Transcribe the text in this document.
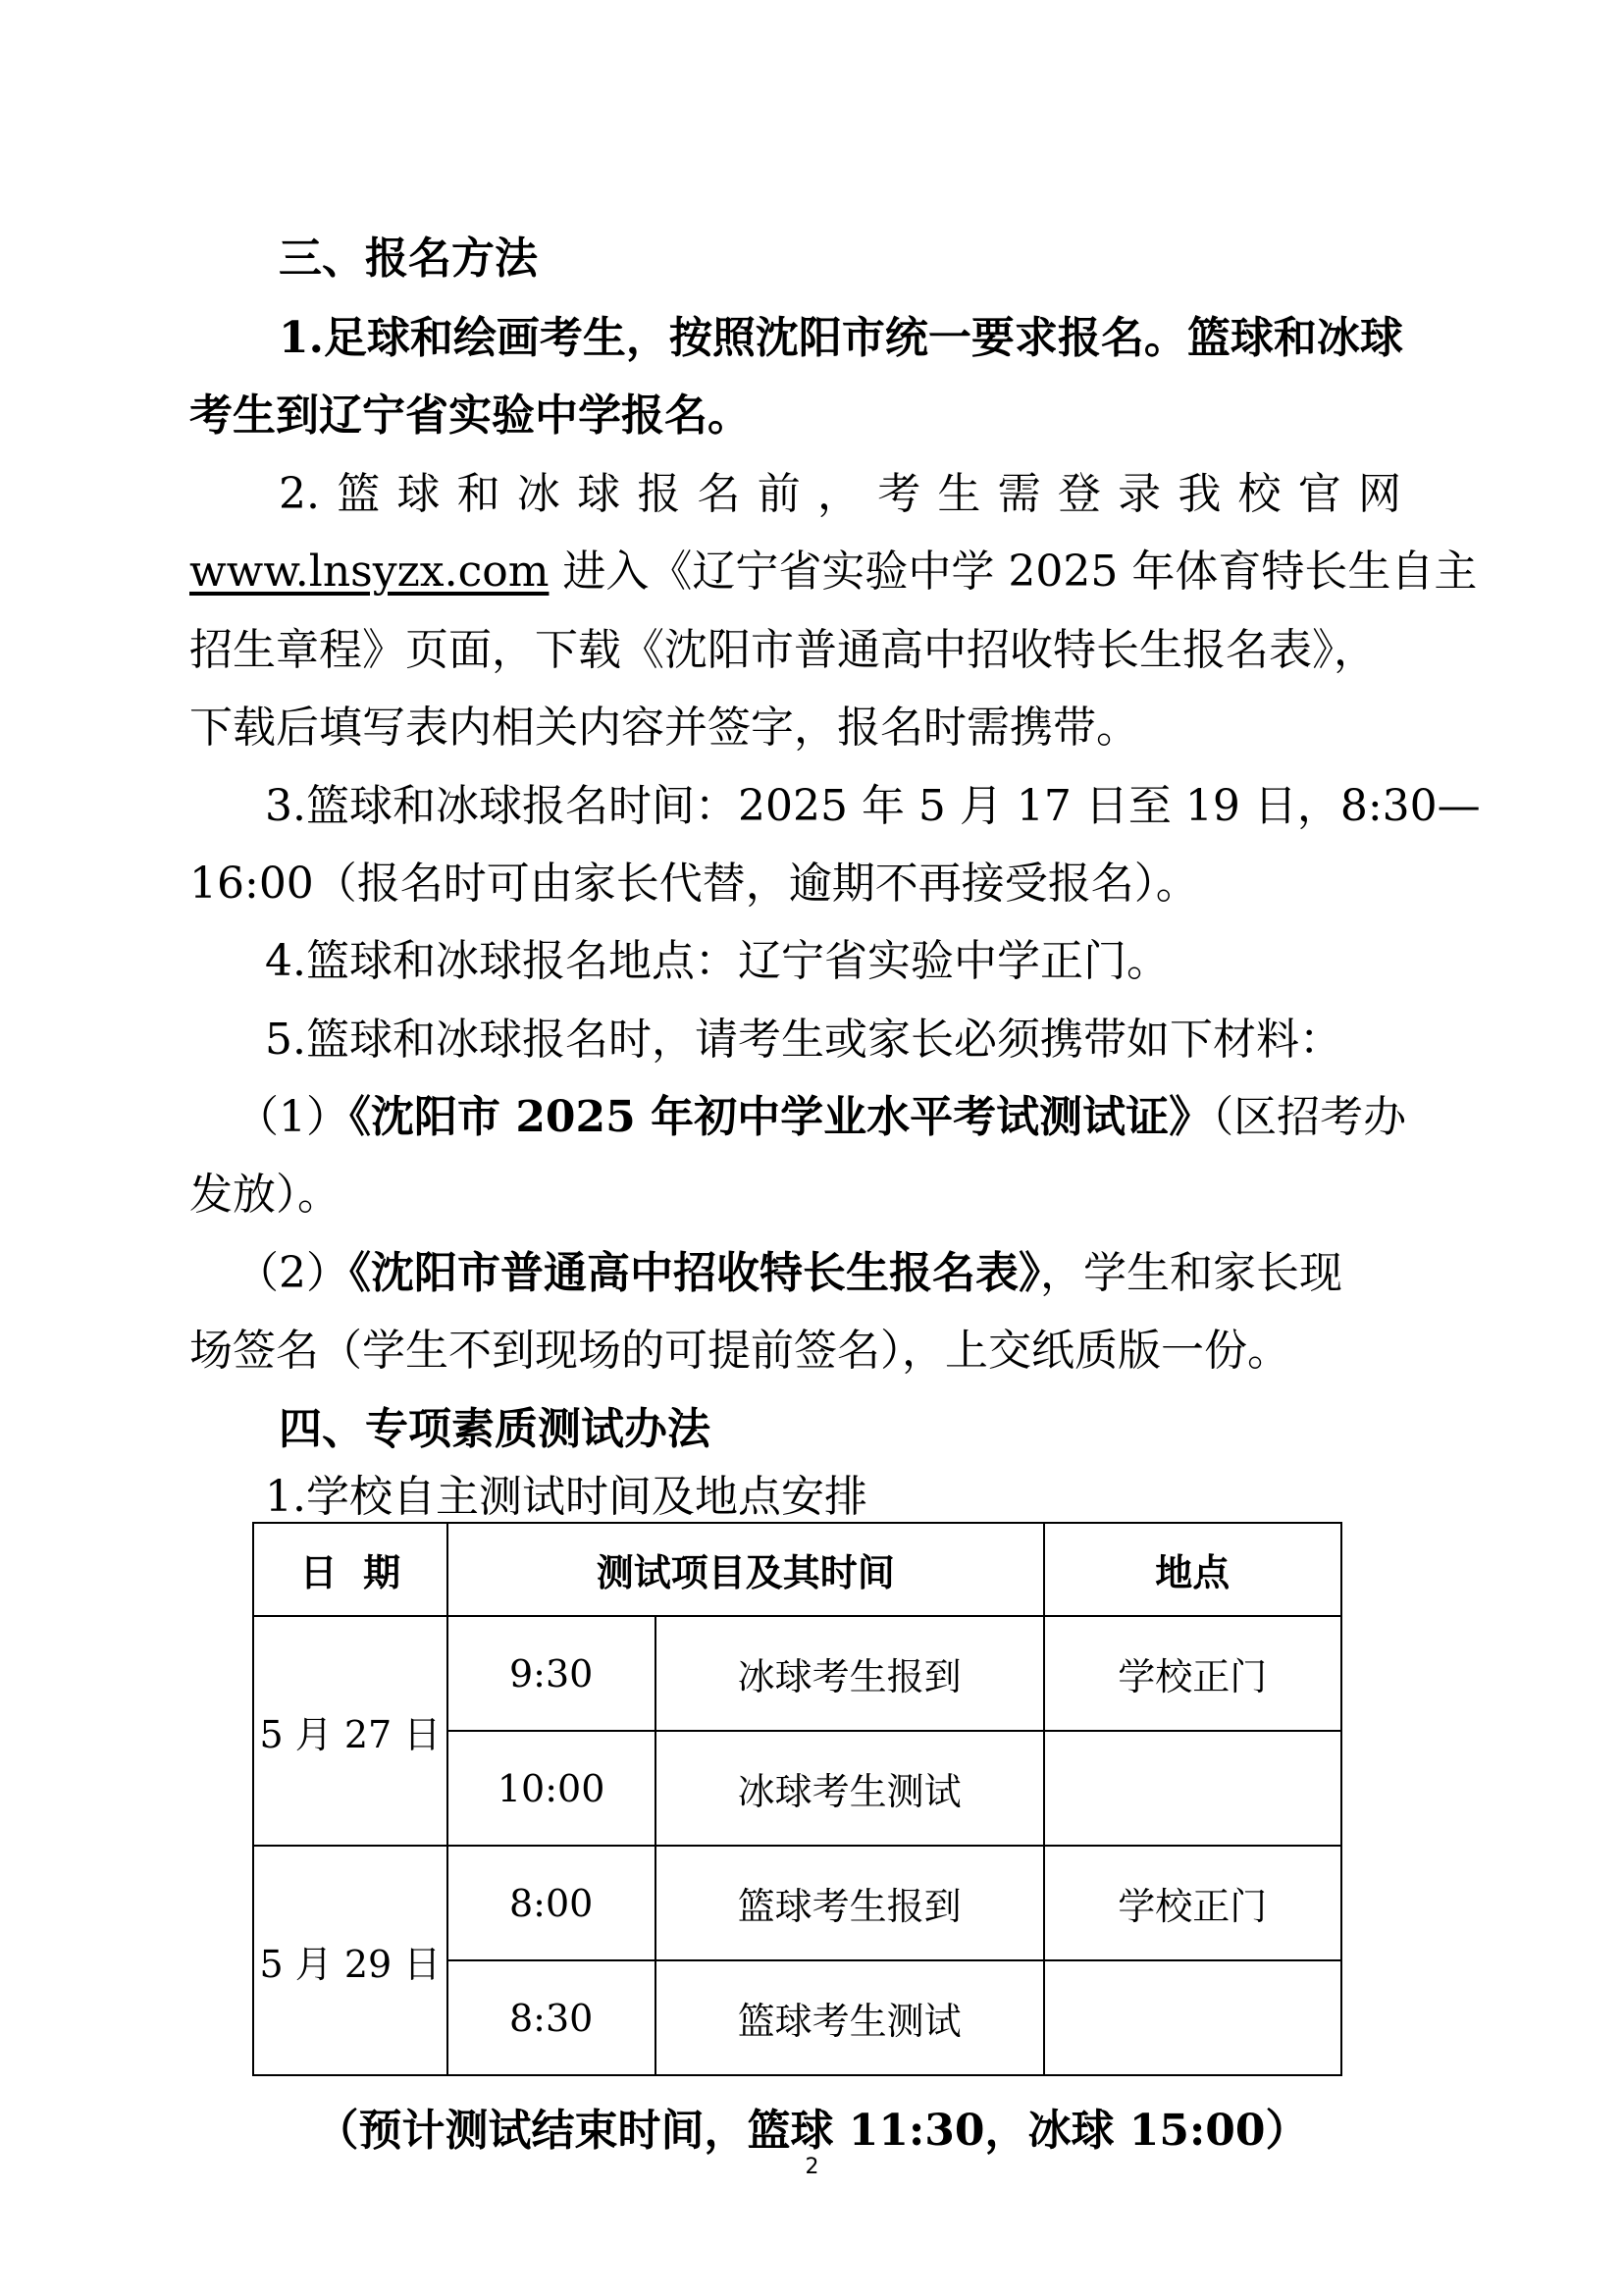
三、报名方法
1.足球和绘画考生，按照沈阳市统一要求报名。篮球和冰球
考生到辽宁省实验中学报名。
2.篮球和冰球报名前，考生需登录我校官网
www.lnsyzx.com 进入《辽宁省实验中学 2025 年体育特长生自主
招生章程》页面，下载《沈阳市普通高中招收特长生报名表》，
下载后填写表内相关内容并签字，报名时需携带。
3.篮球和冰球报名时间：2025 年 5 月 17 日至 19 日，8:30—
16:00（报名时可由家长代替，逾期不再接受报名）。
4.篮球和冰球报名地点：辽宁省实验中学正门。
5.篮球和冰球报名时，请考生或家长必须携带如下材料：
（1）《沈阳市 2025 年初中学业水平考试测试证》（区招考办
发放）。
（2）《沈阳市普通高中招收特长生报名表》，学生和家长现
场签名（学生不到现场的可提前签名），上交纸质版一份。
四、专项素质测试办法
1.学校自主测试时间及地点安排
日  期	测试项目及其时间		地点
5 月 27 日	9:30	冰球考生报到	学校正门
	10:00	冰球考生测试	
5 月 29 日	8:00	篮球考生报到	学校正门
	8:30	篮球考生测试	
（预计测试结束时间，篮球 11:30，冰球 15:00）
2
